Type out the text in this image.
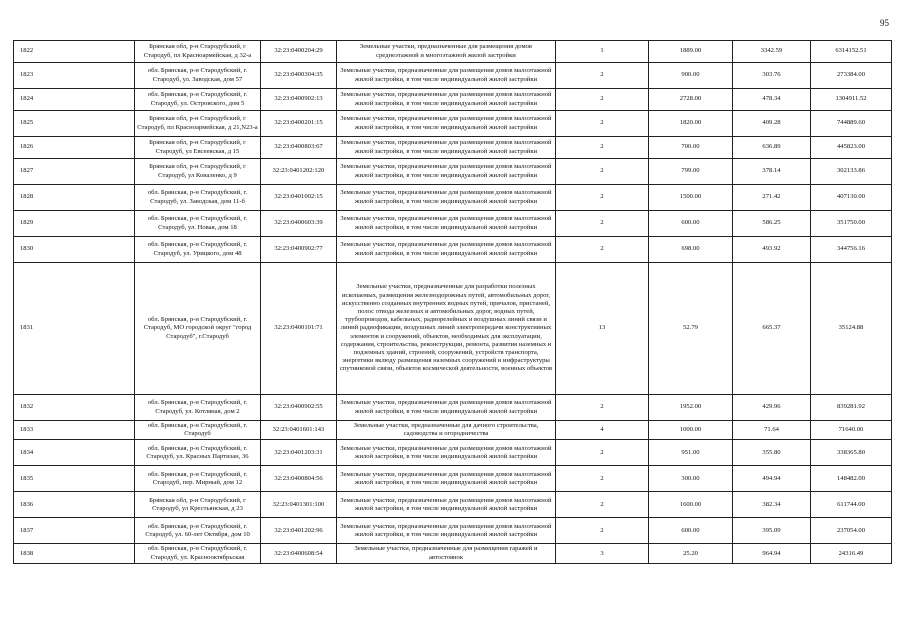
95
1822	Брянская обл, р-н Стародубский, г Стародуб, пл Красноармейская, д 32-а	32:23:0400204:29	Земельные участки, предназначенные для размещения домов среднеэтажной и многоэтажной жилой застройки	1	1889.00	3342.59	6314152.51
1823	обл. Брянская, р-н Стародубский, г. Стародуб, ул. Заводская, дом 57	32:23:0400304:35	Земельные участки, предназначенные для размещения домов малоэтажной жилой застройки, в том числе индивидуальной жилой застройки	2	900.00	303.76	273384.00
1824	обл. Брянская, р-н Стародубский, г. Стародуб, ул. Островского, дом 5	32:23:0400902:13	Земельные участки, предназначенные для размещения домов малоэтажной жилой застройки, в том числе индивидуальной жилой застройки	2	2728.00	478.34	1304911.52
1825	Брянская обл, р-н Стародубский, г Стародуб, пл Красноармейская, д 21,N23-а	32:23:0400201:15	Земельные участки, предназначенные для размещения домов малоэтажной жилой застройки, в том числе индивидуальной жилой застройки	2	1820.00	409.28	744889.60
1826	Брянская обл, р-н Стародубский, г Стародуб, ул Евсеевская, д 15	32:23:0400803:67	Земельные участки, предназначенные для размещения домов малоэтажной жилой застройки, в том числе индивидуальной жилой застройки	2	700.00	636.89	445823.00
1827	Брянская обл, р-н Стародубский, г Стародуб, ул Коваленко, д 9	32:23:0401202:120	Земельные участки, предназначенные для размещения домов малоэтажной жилой застройки, в том числе индивидуальной жилой застройки	2	799.00	378.14	302133.86
1828	обл. Брянская, р-н Стародубский, г. Стародуб, ул. Заводская, дом 11-б	32:23:0401002:15	Земельные участки, предназначенные для размещения домов малоэтажной жилой застройки, в том числе индивидуальной жилой застройки	2	1500.00	271.42	407130.00
1829	обл. Брянская, р-н Стародубский, г. Стародуб, ул. Новая, дом 18	32:23:0400603:39	Земельные участки, предназначенные для размещения домов малоэтажной жилой застройки, в том числе индивидуальной жилой застройки	2	600.00	586.25	351750.00
1830	обл. Брянская, р-н Стародубский, г. Стародуб, ул. Урицкого, дом 48	32:23:0400902:77	Земельные участки, предназначенные для размещения домов малоэтажной жилой застройки, в том числе индивидуальной жилой застройки	2	698.00	493.92	344756.16
1831	обл. Брянская, р-н Стародубский, г. Стародуб, МО городской округ "город Стародуб", г.Стародуб	32:23:0400101:71	Земельные участки, предназначенные для разработки полезных ископаемых, размещения железнодорожных путей, автомобильных дорог, искусственно созданных внутренних водных путей, причалов, пристаней, полос отвода железных и автомобильных дорог, водных путей, трубопроводов, кабельных, радиорелейных и воздушных линий связи и линий радиофикации, воздушных линий электропередачи конструктивных элементов и сооружений, объектов, необходимых для эксплуатации, содержания, строительства, реконструкции, ремонта, развития наземных и подземных зданий, строений, сооружений, устройств транспорта, энергетики вклюду размещения наземных сооружений и инфраструктуры спутниковой связи, объектов космической деятельности, военных объектов	13	52.79	665.37	35124.88
1832	обл. Брянская, р-н Стародубский, г. Стародуб, ул. Котляная, дом 2	32:23:0400902:55	Земельные участки, предназначенные для размещения домов малоэтажной жилой застройки, в том числе индивидуальной жилой застройки	2	1952.00	429.96	839281.92
1833	обл. Брянская, р-н Стародубский, г. Стародуб	32:23:0401601:143	Земельные участки, предназначенные для дачного строительства, садоводства и огородничества	4	1000.00	71.64	71640.00
1834	обл. Брянская, р-н Стародубский, г. Стародуб, ул. Красных Партизан, 36	32:23:0401203:31	Земельные участки, предназначенные для размещения домов малоэтажной жилой застройки, в том числе индивидуальной жилой застройки	2	951.00	355.80	338365.80
1835	обл. Брянская, р-н Стародубский, г. Стародуб, пер. Мирный, дом 12	32:23:0400804:56	Земельные участки, предназначенные для размещения домов малоэтажной жилой застройки, в том числе индивидуальной жилой застройки	2	300.00	494.94	148482.00
1836	Брянская обл, р-н Стародубский, г Стародуб, ул Крестьянская, д 23	32:23:0401301:100	Земельные участки, предназначенные для размещения домов малоэтажной жилой застройки, в том числе индивидуальной жилой застройки	2	1600.00	382.34	611744.00
1837	обл. Брянская, р-н Стародубский, г. Стародуб, ул. 60-лет Октября, дом 10	32:23:0401202:96	Земельные участки, предназначенные для размещения домов малоэтажной жилой застройки, в том числе индивидуальной жилой застройки	2	600.00	395.09	237054.00
1838	обл. Брянская, р-н Стародубский, г. Стародуб, ул. Краснооктябрьская	32:23:0400608:54	Земельные участки, предназначенные для размещения гаражей и автостоянок	3	25.20	964.94	24316.49
